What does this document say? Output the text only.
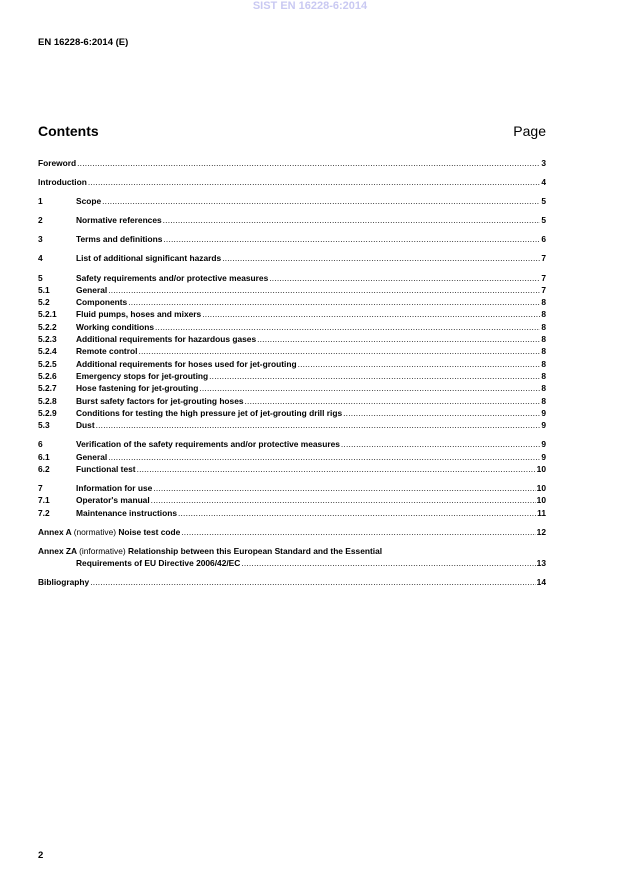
SIST EN 16228-6:2014
EN 16228-6:2014 (E)
Contents	Page
Foreword .....	3
Introduction .....	4
1	Scope .....	5
2	Normative references .....	5
3	Terms and definitions .....	6
4	List of additional significant hazards .....	7
5	Safety requirements and/or protective measures .....	7
5.1	General .....	7
5.2	Components .....	8
5.2.1	Fluid pumps, hoses and mixers .....	8
5.2.2	Working conditions .....	8
5.2.3	Additional requirements for hazardous gases .....	8
5.2.4	Remote control .....	8
5.2.5	Additional requirements for hoses used for jet-grouting .....	8
5.2.6	Emergency stops for jet-grouting .....	8
5.2.7	Hose fastening for jet-grouting .....	8
5.2.8	Burst safety factors for jet-grouting hoses .....	8
5.2.9	Conditions for testing the high pressure jet of jet-grouting drill rigs .....	9
5.3	Dust .....	9
6	Verification of the safety requirements and/or protective measures .....	9
6.1	General .....	9
6.2	Functional test .....	10
7	Information for use .....	10
7.1	Operator's manual .....	10
7.2	Maintenance instructions .....	11
Annex A (normative) Noise test code .....	12
Annex ZA (informative) Relationship between this European Standard and the Essential
Requirements of EU Directive 2006/42/EC .....	13
Bibliography .....	14
2
